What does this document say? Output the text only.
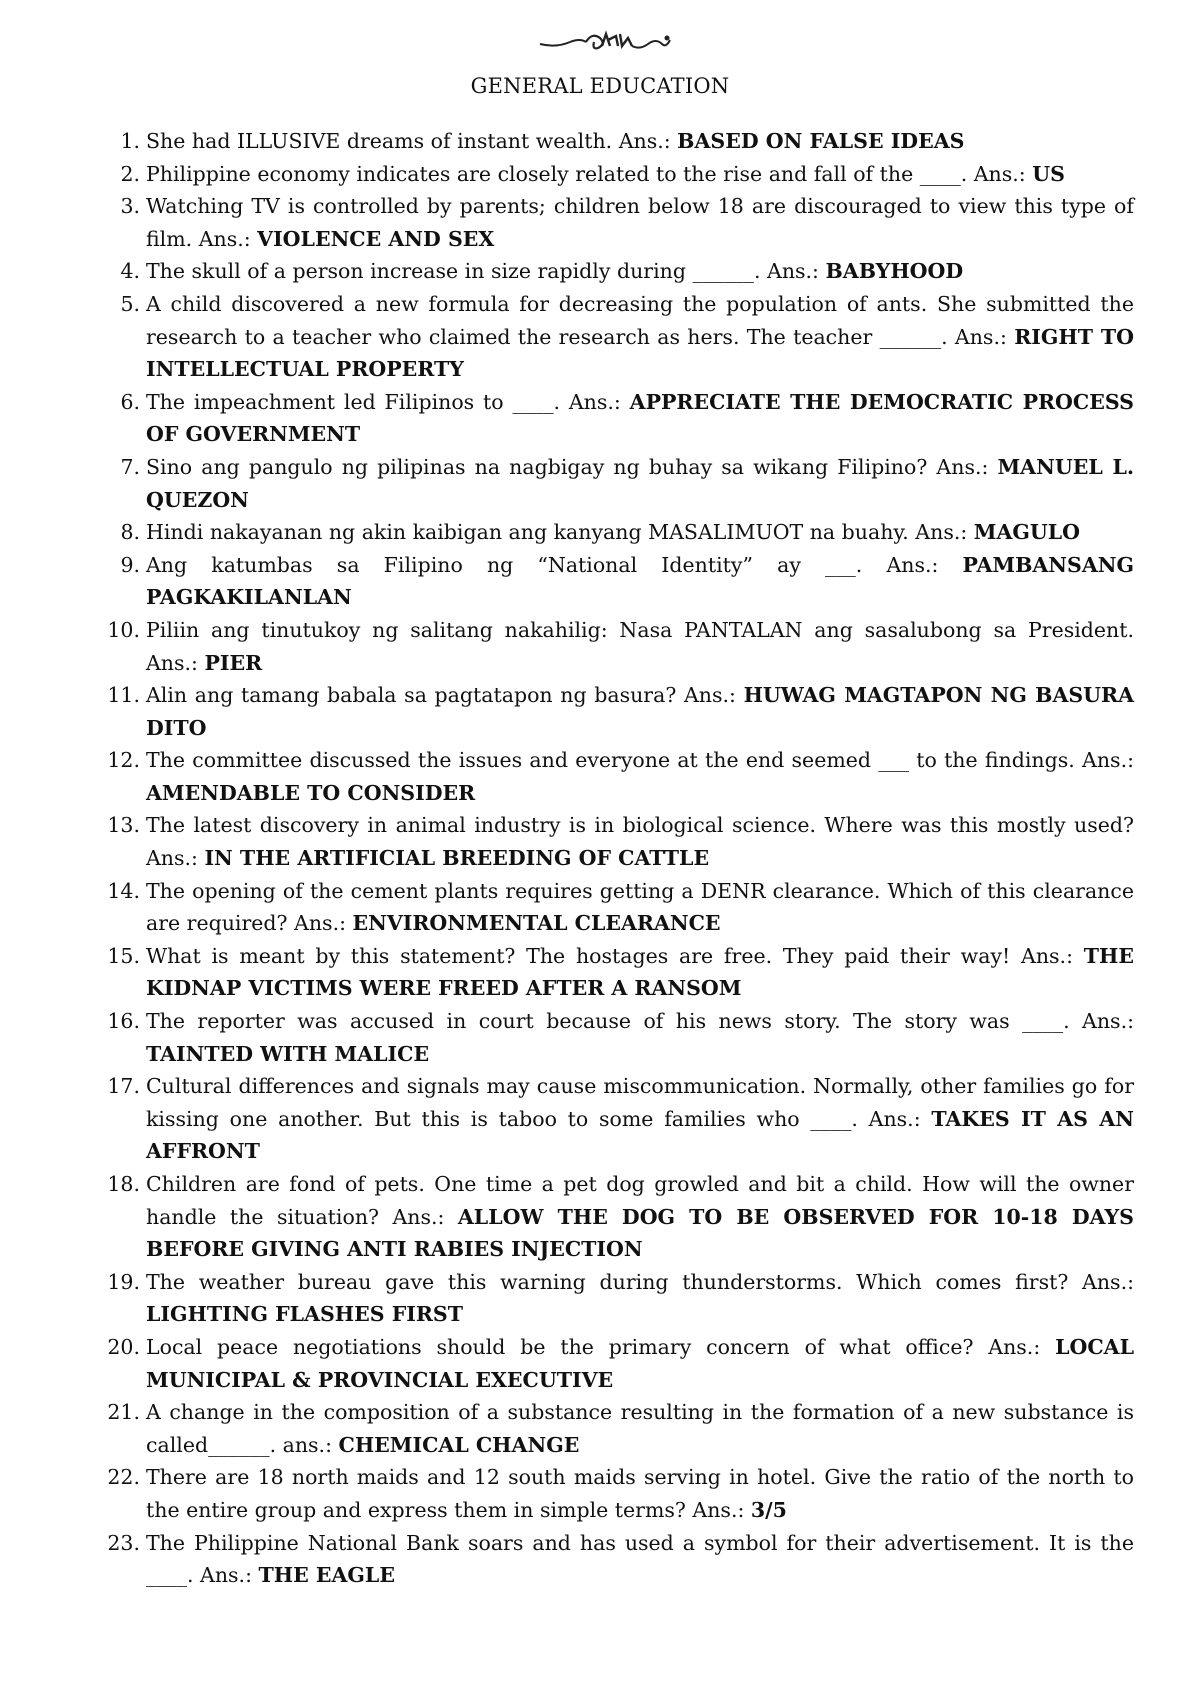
GENERAL EDUCATION
1. She had ILLUSIVE dreams of instant wealth. Ans.: BASED ON FALSE IDEAS
2. Philippine economy indicates are closely related to the rise and fall of the ____. Ans.: US
3. Watching TV is controlled by parents; children below 18 are discouraged to view this type of film. Ans.: VIOLENCE AND SEX
4. The skull of a person increase in size rapidly during ______. Ans.: BABYHOOD
5. A child discovered a new formula for decreasing the population of ants. She submitted the research to a teacher who claimed the research as hers. The teacher ______. Ans.: RIGHT TO INTELLECTUAL PROPERTY
6. The impeachment led Filipinos to ____. Ans.: APPRECIATE THE DEMOCRATIC PROCESS OF GOVERNMENT
7. Sino ang pangulo ng pilipinas na nagbigay ng buhay sa wikang Filipino? Ans.: MANUEL L. QUEZON
8. Hindi nakayanan ng akin kaibigan ang kanyang MASALIMUOT na buahy. Ans.: MAGULO
9. Ang katumbas sa Filipino ng “National Identity” ay ___. Ans.: PAMBANSANG PAGKAKILANLAN
10. Piliin ang tinutukoy ng salitang nakahilig: Nasa PANTALAN ang sasalubong sa President. Ans.: PIER
11. Alin ang tamang babala sa pagtatapon ng basura? Ans.: HUWAG MAGTAPON NG BASURA DITO
12. The committee discussed the issues and everyone at the end seemed ___ to the findings. Ans.: AMENDABLE TO CONSIDER
13. The latest discovery in animal industry is in biological science. Where was this mostly used? Ans.: IN THE ARTIFICIAL BREEDING OF CATTLE
14. The opening of the cement plants requires getting a DENR clearance. Which of this clearance are required? Ans.: ENVIRONMENTAL CLEARANCE
15. What is meant by this statement? The hostages are free. They paid their way! Ans.: THE KIDNAP VICTIMS WERE FREED AFTER A RANSOM
16. The reporter was accused in court because of his news story. The story was ____. Ans.: TAINTED WITH MALICE
17. Cultural differences and signals may cause miscommunication. Normally, other families go for kissing one another. But this is taboo to some families who ____. Ans.: TAKES IT AS AN AFFRONT
18. Children are fond of pets. One time a pet dog growled and bit a child. How will the owner handle the situation? Ans.: ALLOW THE DOG TO BE OBSERVED FOR 10-18 DAYS BEFORE GIVING ANTI RABIES INJECTION
19. The weather bureau gave this warning during thunderstorms. Which comes first? Ans.: LIGHTING FLASHES FIRST
20. Local peace negotiations should be the primary concern of what office? Ans.: LOCAL MUNICIPAL & PROVINCIAL EXECUTIVE
21. A change in the composition of a substance resulting in the formation of a new substance is called______. ans.: CHEMICAL CHANGE
22. There are 18 north maids and 12 south maids serving in hotel. Give the ratio of the north to the entire group and express them in simple terms? Ans.: 3/5
23. The Philippine National Bank soars and has used a symbol for their advertisement. It is the ____. Ans.: THE EAGLE
